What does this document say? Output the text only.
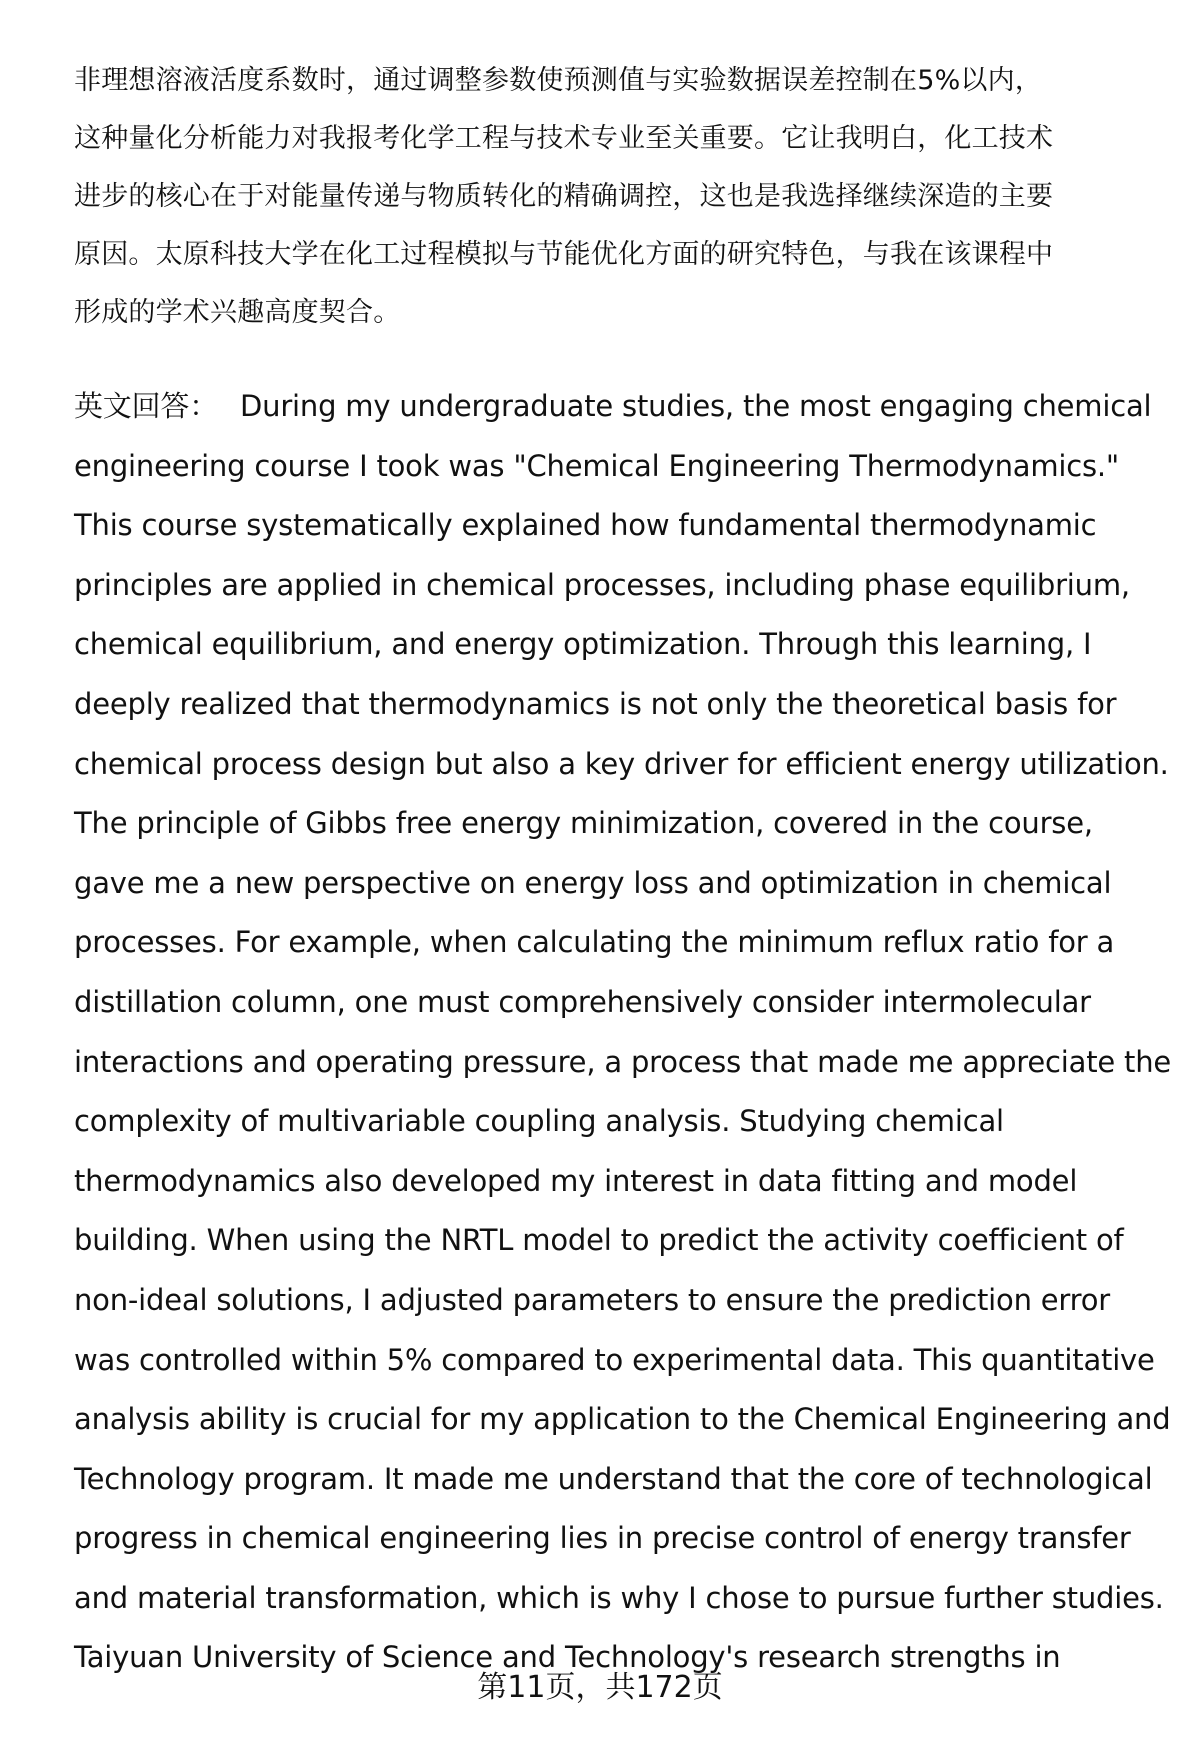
非理想溶液活度系数时，通过调整参数使预测值与实验数据误差控制在5%以内，
这种量化分析能力对我报考化学工程与技术专业至关重要。它让我明白，化工技术
进步的核心在于对能量传递与物质转化的精确调控，这也是我选择继续深造的主要
原因。太原科技大学在化工过程模拟与节能优化方面的研究特色，与我在该课程中
形成的学术兴趣高度契合。
英文回答： During my undergraduate studies, the most engaging chemical
engineering course I took was "Chemical Engineering Thermodynamics."
This course systematically explained how fundamental thermodynamic
principles are applied in chemical processes, including phase equilibrium,
chemical equilibrium, and energy optimization. Through this learning, I
deeply realized that thermodynamics is not only the theoretical basis for
chemical process design but also a key driver for efficient energy utilization.
The principle of Gibbs free energy minimization, covered in the course,
gave me a new perspective on energy loss and optimization in chemical
processes. For example, when calculating the minimum reflux ratio for a
distillation column, one must comprehensively consider intermolecular
interactions and operating pressure, a process that made me appreciate the
complexity of multivariable coupling analysis. Studying chemical
thermodynamics also developed my interest in data fitting and model
building. When using the NRTL model to predict the activity coefficient of
non-ideal solutions, I adjusted parameters to ensure the prediction error
was controlled within 5% compared to experimental data. This quantitative
analysis ability is crucial for my application to the Chemical Engineering and
Technology program. It made me understand that the core of technological
progress in chemical engineering lies in precise control of energy transfer
and material transformation, which is why I chose to pursue further studies.
Taiyuan University of Science and Technology's research strengths in
第11页，共172页
